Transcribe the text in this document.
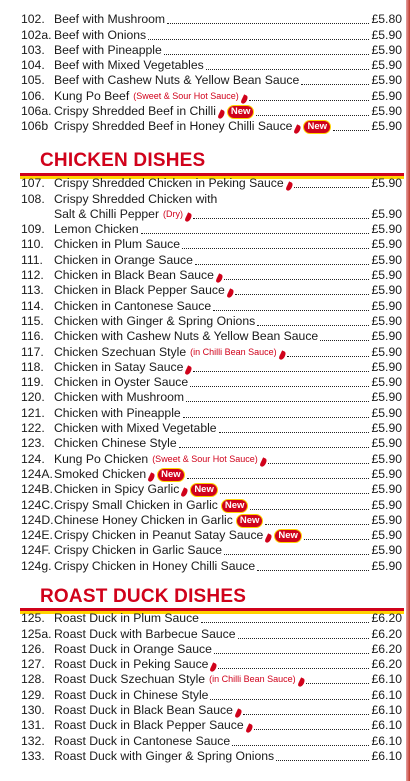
102. Beef with Mushroom	£5.80
102a. Beef with Onions	£5.90
103. Beef with Pineapple	£5.90
104. Beef with Mixed Vegetables	£5.90
105. Beef with Cashew Nuts & Yellow Bean Sauce	£5.90
106. Kung Po Beef (Sweet & Sour Hot Sauce)	£5.90
106a. Crispy Shredded Beef in Chilli	New	£5.90
106b Crispy Shredded Beef in Honey Chilli Sauce	New	£5.90
CHICKEN DISHES
107. Crispy Shredded Chicken in Peking Sauce	£5.90
108. Crispy Shredded Chicken with
Salt & Chilli Pepper (Dry)	£5.90
109. Lemon Chicken	£5.90
110. Chicken in Plum Sauce	£5.90
111. Chicken in Orange Sauce	£5.90
112. Chicken in Black Bean Sauce	£5.90
113. Chicken in Black Pepper Sauce	£5.90
114. Chicken in Cantonese Sauce	£5.90
115. Chicken with Ginger & Spring Onions	£5.90
116. Chicken with Cashew Nuts & Yellow Bean Sauce	£5.90
117. Chicken Szechuan Style (in Chilli Bean Sauce)	£5.90
118. Chicken in Satay Sauce	£5.90
119. Chicken in Oyster Sauce	£5.90
120. Chicken with Mushroom	£5.90
121. Chicken with Pineapple	£5.90
122. Chicken with Mixed Vegetable	£5.90
123. Chicken Chinese Style	£5.90
124. Kung Po Chicken (Sweet & Sour Hot Sauce)	£5.90
124A. Smoked Chicken	New	£5.90
124B. Chicken in Spicy Garlic	New	£5.90
124C. Crispy Small Chicken in Garlic New	£5.90
124D. Chinese Honey Chicken in Garlic New	£5.90
124E. Crispy Chicken in Peanut Satay Sauce	New	£5.90
124F. Crispy Chicken in Garlic Sauce	£5.90
124g. Crispy Chicken in Honey Chilli Sauce	£5.90
ROAST DUCK DISHES
125. Roast Duck in Plum Sauce	£6.20
125a. Roast Duck with Barbecue Sauce	£6.20
126. Roast Duck in Orange Sauce	£6.20
127. Roast Duck in Peking Sauce	£6.20
128. Roast Duck Szechuan Style (in Chilli Bean Sauce)	£6.10
129. Roast Duck in Chinese Style	£6.10
130. Roast Duck in Black Bean Sauce	£6.10
131. Roast Duck in Black Pepper Sauce	£6.10
132. Roast Duck in Cantonese Sauce	£6.10
133. Roast Duck with Ginger & Spring Onions	£6.10
